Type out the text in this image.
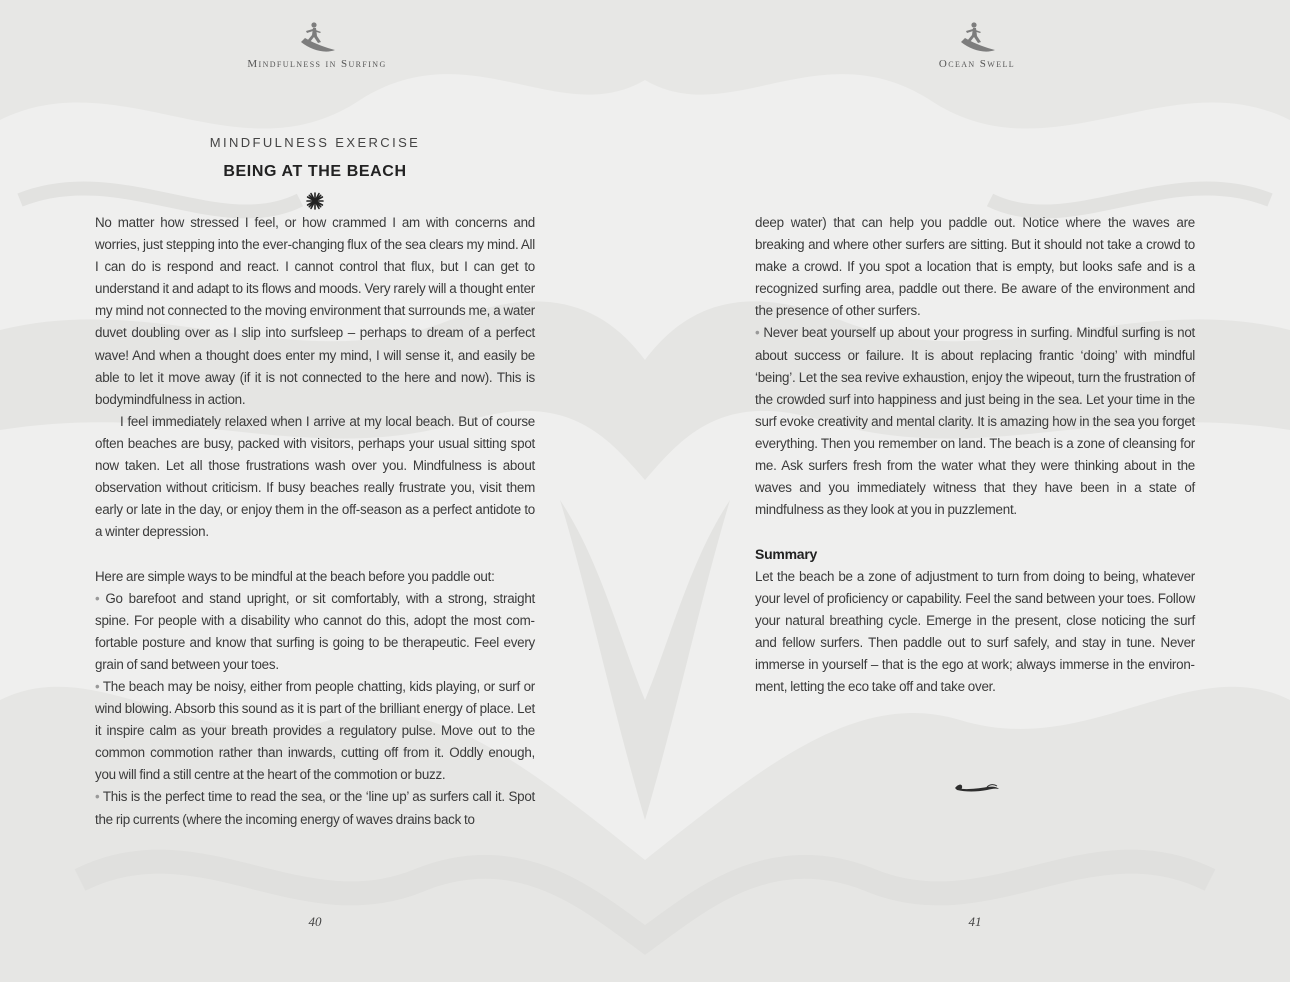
Mindfulness in Surfing
MINDFULNESS EXERCISE
BEING AT THE BEACH

No matter how stressed I feel, or how crammed I am with concerns and worries, just stepping into the ever-changing flux of the sea clears my mind. All I can do is respond and react. I cannot control that flux, but I can get to understand it and adapt to its flows and moods. Very rarely will a thought enter my mind not connected to the moving environment that surrounds me, a water duvet doubling over as I slip into surfsleep – perhaps to dream of a perfect wave! And when a thought does enter my mind, I will sense it, and easily be able to let it move away (if it is not connected to the here and now). This is bodymindfulness in action.

I feel immediately relaxed when I arrive at my local beach. But of course often beaches are busy, packed with visitors, perhaps your usual sitting spot now taken. Let all those frustrations wash over you. Mindfulness is about observation without criticism. If busy beaches really frustrate you, visit them early or late in the day, or enjoy them in the off-season as a perfect antidote to a winter depression.

Here are simple ways to be mindful at the beach before you paddle out:

• Go barefoot and stand upright, or sit comfortably, with a strong, straight spine. For people with a disability who cannot do this, adopt the most comfortable posture and know that surfing is going to be therapeutic. Feel every grain of sand between your toes.

• The beach may be noisy, either from people chatting, kids playing, or surf or wind blowing. Absorb this sound as it is part of the brilliant energy of place. Let it inspire calm as your breath provides a regulatory pulse. Move out to the common commotion rather than inwards, cutting off from it. Oddly enough, you will find a still centre at the heart of the commotion or buzz.

• This is the perfect time to read the sea, or the ‘line up’ as surfers call it. Spot the rip currents (where the incoming energy of waves drains back to

40
Ocean Swell

deep water) that can help you paddle out. Notice where the waves are breaking and where other surfers are sitting. But it should not take a crowd to make a crowd. If you spot a location that is empty, but looks safe and is a recognized surfing area, paddle out there. Be aware of the environment and the presence of other surfers.

• Never beat yourself up about your progress in surfing. Mindful surfing is not about success or failure. It is about replacing frantic ‘doing’ with mindful ‘being’. Let the sea revive exhaustion, enjoy the wipeout, turn the frustration of the crowded surf into happiness and just being in the sea. Let your time in the surf evoke creativity and mental clarity. It is amazing how in the sea you forget everything. Then you remember on land. The beach is a zone of cleansing for me. Ask surfers fresh from the water what they were thinking about in the waves and you immediately witness that they have been in a state of mindfulness as they look at you in puzzlement.

Summary

Let the beach be a zone of adjustment to turn from doing to being, whatever your level of proficiency or capability. Feel the sand between your toes. Follow your natural breathing cycle. Emerge in the present, close noticing the surf and fellow surfers. Then paddle out to surf safely, and stay in tune. Never immerse in yourself – that is the ego at work; always immerse in the environment, letting the eco take off and take over.

41
